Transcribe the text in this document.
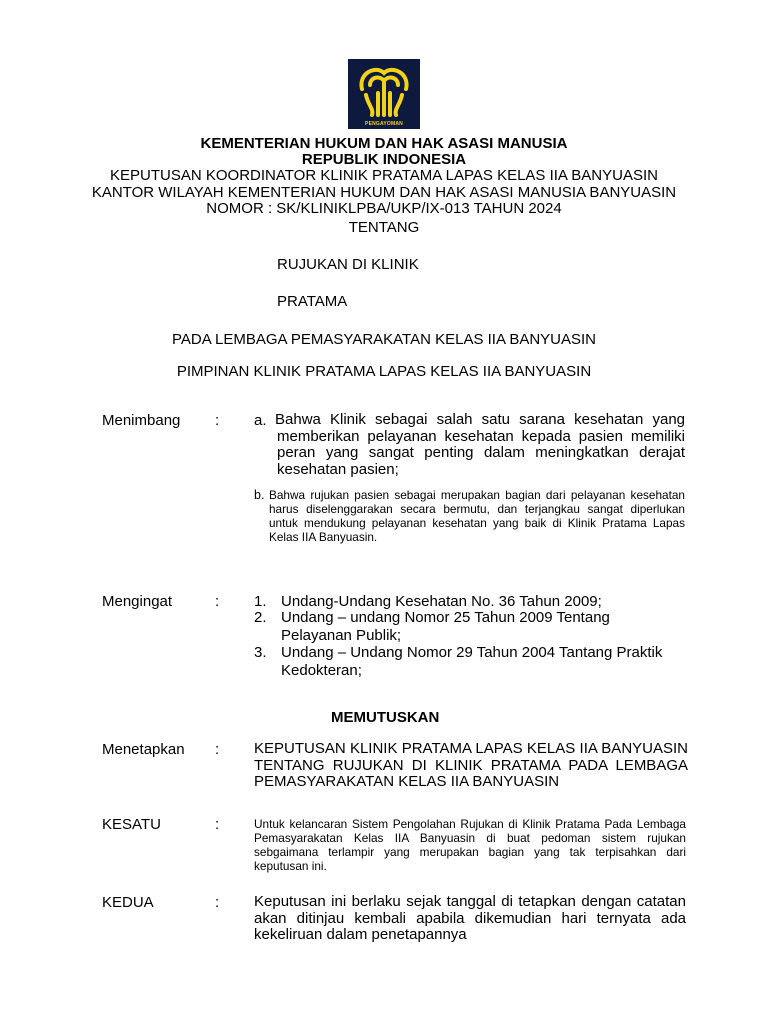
PENGAYOMAN
KEMENTERIAN HUKUM DAN HAK ASASI MANUSIA
REPUBLIK INDONESIA
KEPUTUSAN KOORDINATOR KLINIK PRATAMA LAPAS KELAS IIA BANYUASIN
KANTOR WILAYAH KEMENTERIAN HUKUM DAN HAK ASASI MANUSIA BANYUASIN
NOMOR : SK/KLINIKLPBA/UKP/IX-013 TAHUN 2024
TENTANG
RUJUKAN DI KLINIK
PRATAMA
PADA LEMBAGA PEMASYARAKATAN KELAS IIA BANYUASIN
PIMPINAN KLINIK PRATAMA LAPAS KELAS IIA BANYUASIN
Menimbang : a. Bahwa Klinik sebagai salah satu sarana kesehatan yang memberikan pelayanan kesehatan kepada pasien memiliki peran yang sangat penting dalam meningkatkan derajat kesehatan pasien;
b. Bahwa rujukan pasien sebagai merupakan bagian dari pelayanan kesehatan harus diselenggarakan secara bermutu, dan terjangkau sangat diperlukan untuk mendukung pelayanan kesehatan yang baik di Klinik Pratama Lapas Kelas IIA Banyuasin.
Mengingat	: 1. Undang-Undang Kesehatan No. 36 Tahun 2009;
2. Undang – undang Nomor 25 Tahun 2009 Tentang Pelayanan Publik;
3. Undang – Undang Nomor 29 Tahun 2004 Tantang Praktik Kedokteran;
MEMUTUSKAN
Menetapkan : KEPUTUSAN KLINIK PRATAMA LAPAS KELAS IIA BANYUASIN TENTANG RUJUKAN DI KLINIK PRATAMA PADA LEMBAGA PEMASYARAKATAN KELAS IIA BANYUASIN
KESATU	:	Untuk kelancaran Sistem Pengolahan Rujukan di Klinik Pratama Pada Lembaga Pemasyarakatan Kelas IIA Banyuasin di buat pedoman sistem rujukan sebgaimana terlampir yang merupakan bagian yang tak terpisahkan dari keputusan ini.
KEDUA	: Keputusan ini berlaku sejak tanggal di tetapkan dengan catatan akan ditinjau kembali apabila dikemudian hari ternyata ada kekeliruan dalam penetapannya
